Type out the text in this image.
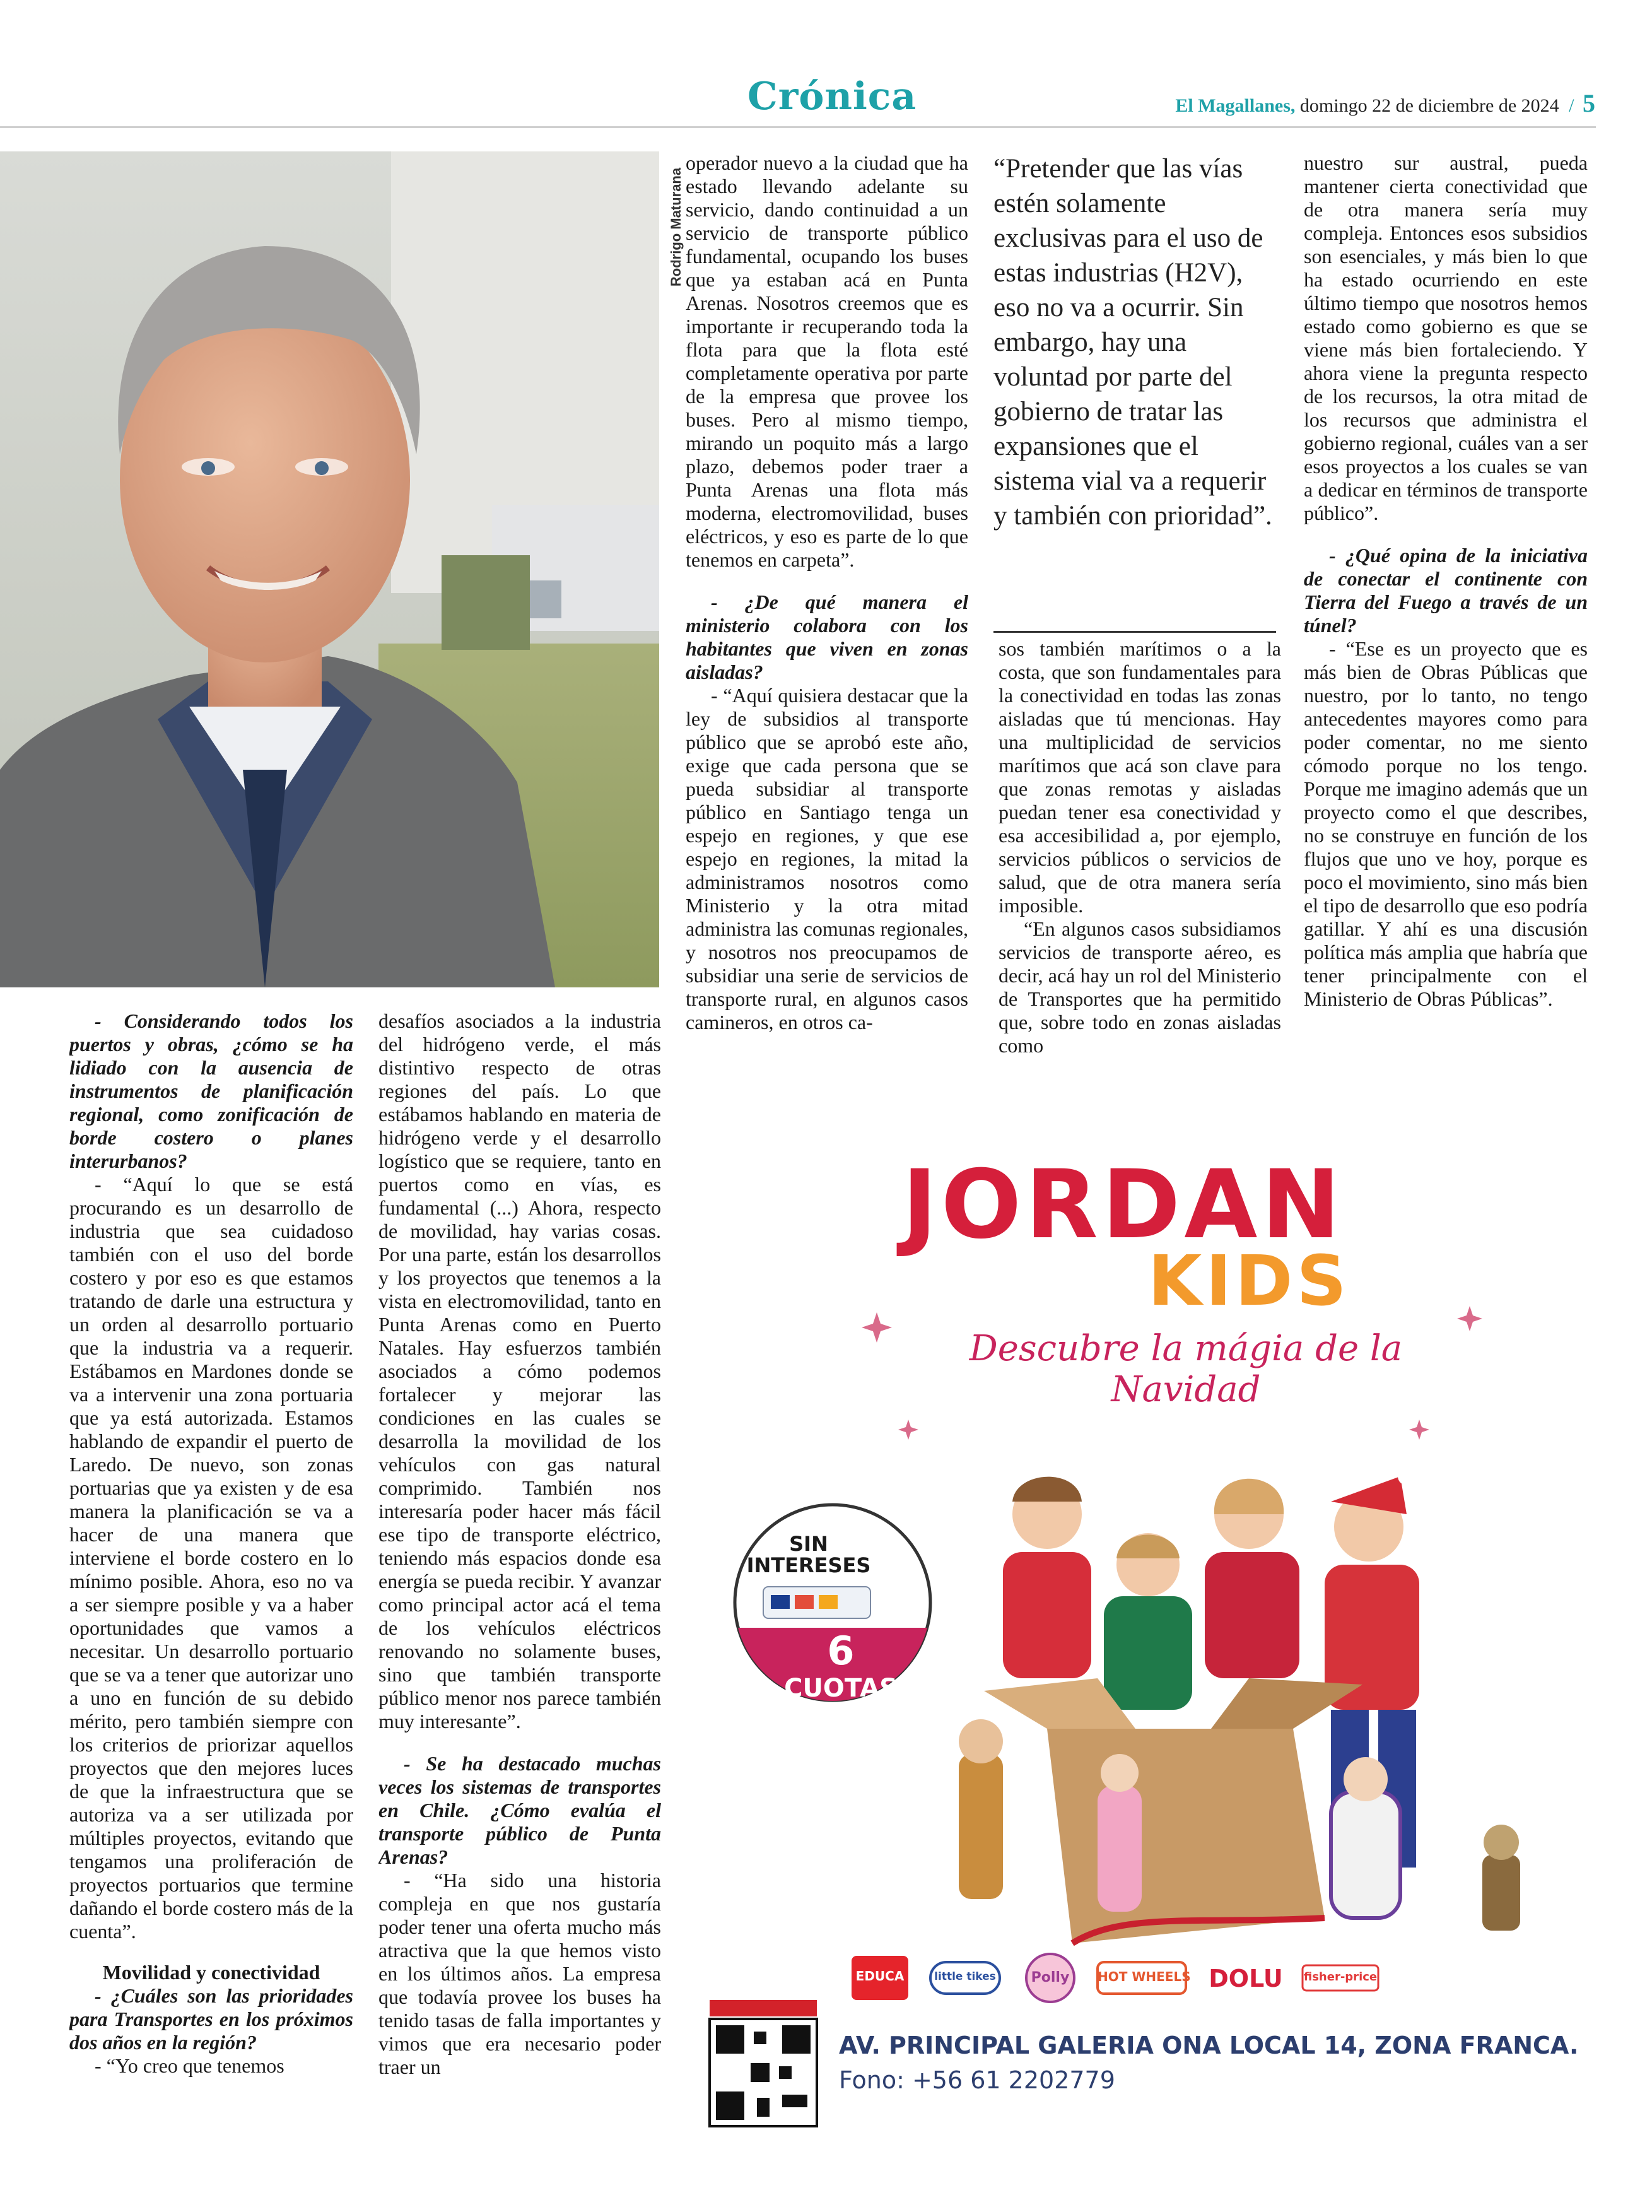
Crónica	El Magallanes, domingo 22 de diciembre de 2024 / 5
Rodrigo Maturana

operador nuevo a la ciudad que ha estado llevando adelante su servicio, dando continuidad a un servicio de transporte público fundamental, ocupando los buses que ya estaban acá en Punta Arenas. Nosotros creemos que es importante ir recuperando toda la flota para que la flota esté completamente operativa por parte de la empresa que provee los buses. Pero al mismo tiempo, mirando un poquito más a largo plazo, debemos poder traer a Punta Arenas una flota más moderna, electromovilidad, buses eléctricos, y eso es parte de lo que tenemos en carpeta”.

- ¿De qué manera el ministerio colabora con los habitantes que viven en zonas aisladas?

- “Aquí quisiera destacar que la ley de subsidios al transporte público que se aprobó este año, exige que cada persona que se pueda subsidiar al transporte público en Santiago tenga un espejo en regiones, y que ese espejo en regiones, la mitad la administramos nosotros como Ministerio y la otra mitad administra las comunas regionales, y nosotros nos preocupamos de subsidiar una serie de servicios de transporte rural, en algunos casos camineros, en otros ca-

“Pretender que las vías estén solamente exclusivas para el uso de estas industrias (H2V), eso no va a ocurrir. Sin embargo, hay una voluntad por parte del gobierno de tratar las expansiones que el sistema vial va a requerir y también con prioridad”.

sos también marítimos o a la costa, que son fundamentales para la conectividad en todas las zonas aisladas que tú mencionas. Hay una multiplicidad de servicios marítimos que acá son clave para que zonas remotas y aisladas puedan tener esa conectividad y esa accesibilidad a, por ejemplo, servicios públicos o servicios de salud, que de otra manera sería imposible.

“En algunos casos subsidiamos servicios de transporte aéreo, es decir, acá hay un rol del Ministerio de Transportes que ha permitido que, sobre todo en zonas aisladas como

nuestro sur austral, pueda mantener cierta conectividad que de otra manera sería muy compleja. Entonces esos subsidios son esenciales, y más bien lo que ha estado ocurriendo en este último tiempo que nosotros hemos estado como gobierno es que se viene más bien fortaleciendo. Y ahora viene la pregunta respecto de los recursos, la otra mitad de los recursos que administra el gobierno regional, cuáles van a ser esos proyectos a los cuales se van a dedicar en términos de transporte público”.

- ¿Qué opina de la iniciativa de conectar el continente con Tierra del Fuego a través de un túnel?

- “Ese es un proyecto que es más bien de Obras Públicas que nuestro, por lo tanto, no tengo antecedentes mayores como para poder comentar, no me siento cómodo porque no los tengo. Porque me imagino además que un proyecto como el que describes, no se construye en función de los flujos que uno ve hoy, porque es poco el movimiento, sino más bien el tipo de desarrollo que eso podría gatillar. Y ahí es una discusión política más amplia que habría que tener principalmente con el Ministerio de Obras Públicas”.

- Considerando todos los puertos y obras, ¿cómo se ha lidiado con la ausencia de instrumentos de planificación regional, como zonificación de borde costero o planes interurbanos?

- “Aquí lo que se está procurando es un desarrollo de industria que sea cuidadoso también con el uso del borde costero y por eso es que estamos tratando de darle una estructura y un orden al desarrollo portuario que la industria va a requerir. Estábamos en Mardones donde se va a intervenir una zona portuaria que ya está autorizada. Estamos hablando de expandir el puerto de Laredo. De nuevo, son zonas portuarias que ya existen y de esa manera la planificación se va a hacer de una manera que interviene el borde costero en lo mínimo posible. Ahora, eso no va a ser siempre posible y va a haber oportunidades que vamos a necesitar. Un desarrollo portuario que se va a tener que autorizar uno a uno en función de su debido mérito, pero también siempre con los criterios de priorizar aquellos proyectos que den mejores luces de que la infraestructura que se autoriza va a ser utilizada por múltiples proyectos, evitando que tengamos una proliferación de proyectos portuarios que termine dañando el borde costero más de la cuenta”.

Movilidad y conectividad

- ¿Cuáles son las prioridades para Transportes en los próximos dos años en la región?

- “Yo creo que tenemos

desafíos asociados a la industria del hidrógeno verde, el más distintivo respecto de otras regiones del país. Lo que estábamos hablando en materia de hidrógeno verde y el desarrollo logístico que se requiere, tanto en puertos como en vías, es fundamental (...) Ahora, respecto de movilidad, hay varias cosas. Por una parte, están los desarrollos y los proyectos que tenemos a la vista en electromovilidad, tanto en Punta Arenas como en Puerto Natales. Hay esfuerzos también asociados a cómo podemos fortalecer y mejorar las condiciones en las cuales se desarrolla la movilidad de los vehículos con gas natural comprimido. También nos interesaría poder hacer más fácil ese tipo de transporte eléctrico, teniendo más espacios donde esa energía se pueda recibir. Y avanzar como principal actor acá el tema de los vehículos eléctricos renovando no solamente buses, sino que también transporte público menor nos parece también muy interesante”.

- Se ha destacado muchas veces los sistemas de transportes en Chile. ¿Cómo evalúa el transporte público de Punta Arenas?

- “Ha sido una historia compleja en que nos gustaría poder tener una oferta mucho más atractiva que la que hemos visto en los últimos años. La empresa que todavía provee los buses ha tenido tasas de falla importantes y vimos que era necesario poder traer un

JORDAN
KIDS
Descubre la mágia de la Navidad
SIN INTERESES
6 CUOTAS
EDUCA	little tikes	Polly	HOT WHEELS DOLU	fisher-price
AV. PRINCIPAL GALERIA ONA LOCAL 14, ZONA FRANCA.
Fono: +56 61 2202779
